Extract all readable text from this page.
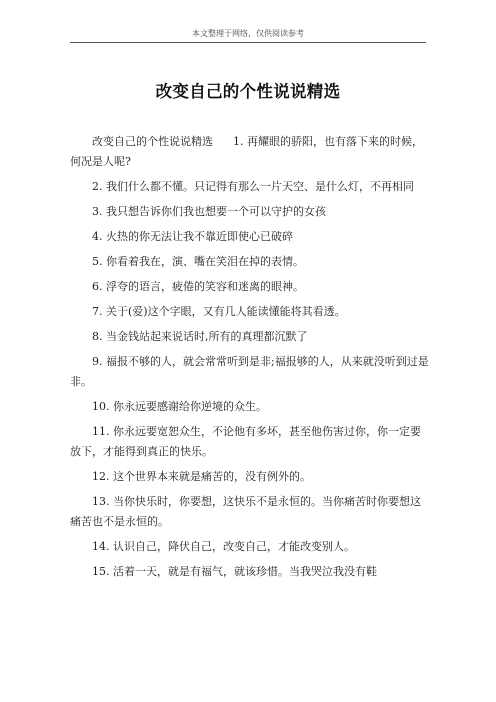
本文整理于网络，仅供阅读参考
改变自己的个性说说精选

改变自己的个性说说精选 1. 再耀眼的骄阳，也有落下来的时候，何况是人呢?

2. 我们什么都不懂。只记得有那么一片天空、是什么灯，不再相同

3. 我只想告诉你们我也想要一个可以守护的女孩

4. 火热的你无法让我不靠近即使心已破碎

5. 你看着我在，演、嘴在笑泪在掉的表情。

6. 浮夸的语言，疲倦的笑容和迷离的眼神。

7. 关于(爱)这个字眼，又有几人能读懂能将其看透。

8. 当金钱站起来说话时,所有的真理都沉默了

9. 福报不够的人，就会常常听到是非;福报够的人，从来就没听到过是非。

10. 你永远要感谢给你逆境的众生。

11. 你永远要宽恕众生，不论他有多坏，甚至他伤害过你，你一定要放下，才能得到真正的快乐。

12. 这个世界本来就是痛苦的，没有例外的。

13. 当你快乐时，你要想，这快乐不是永恒的。当你痛苦时你要想这痛苦也不是永恒的。

14. 认识自己，降伏自己，改变自己，才能改变别人。

15. 活着一天，就是有福气，就该珍惜。当我哭泣我没有鞋
